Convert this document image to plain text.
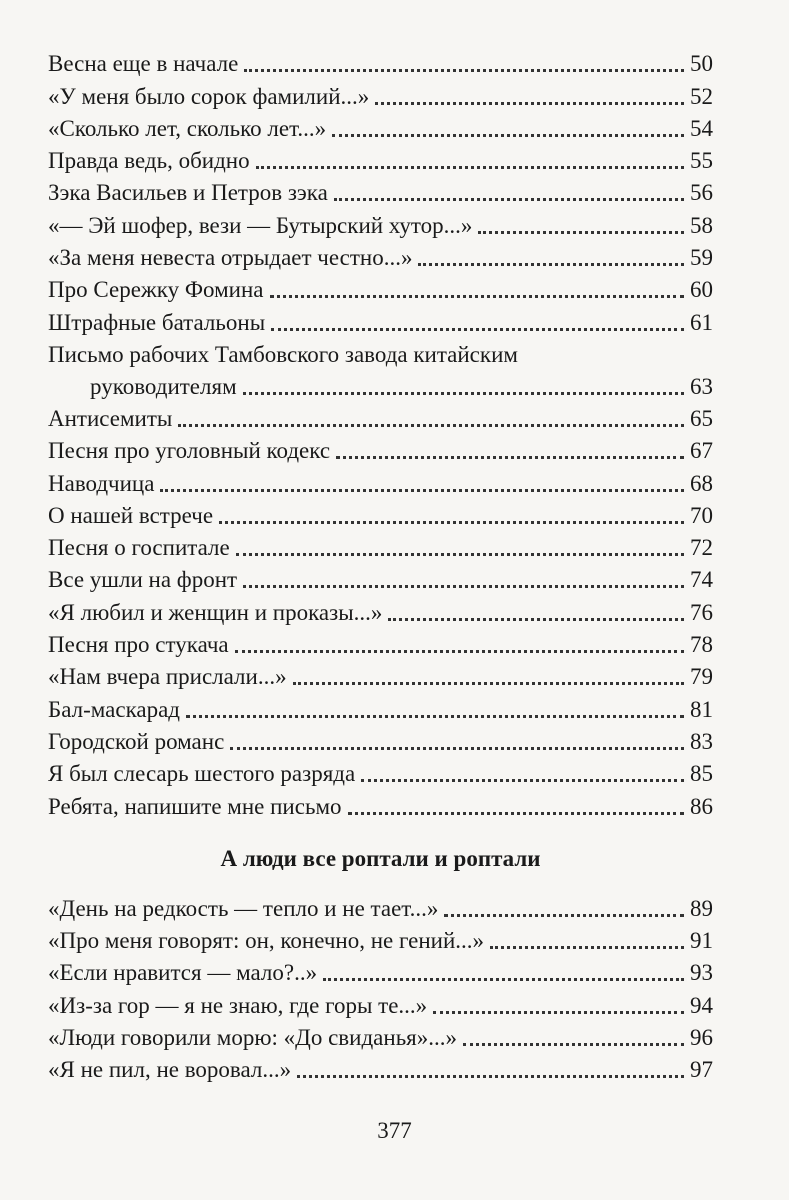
Весна еще в начале	50
«У меня было сорок фамилий...»	52
«Сколько лет, сколько лет...»	54
Правда ведь, обидно	55
Зэка Васильев и Петров зэка	56
«— Эй шофер, вези — Бутырский хутор...»	58
«За меня невеста отрыдает честно...»	59
Про Сережку Фомина	60
Штрафные батальоны	61
Письмо рабочих Тамбовского завода китайским
руководителям	63
Антисемиты	65
Песня про уголовный кодекс	67
Наводчица	68
О нашей встрече	70
Песня о госпитале	72
Все ушли на фронт	74
«Я любил и женщин и проказы...»	76
Песня про стукача	78
«Нам вчера прислали...»	79
Бал-маскарад	81
Городской романс	83
Я был слесарь шестого разряда	85
Ребята, напишите мне письмо	86
А люди все роптали и роптали
«День на редкость — тепло и не тает...»	89
«Про меня говорят: он, конечно, не гений...»	91
«Если нравится — мало?..»	93
«Из-за гор — я не знаю, где горы те...»	94
«Люди говорили морю: «До свиданья»...»	96
«Я не пил, не воровал...»	97
377
